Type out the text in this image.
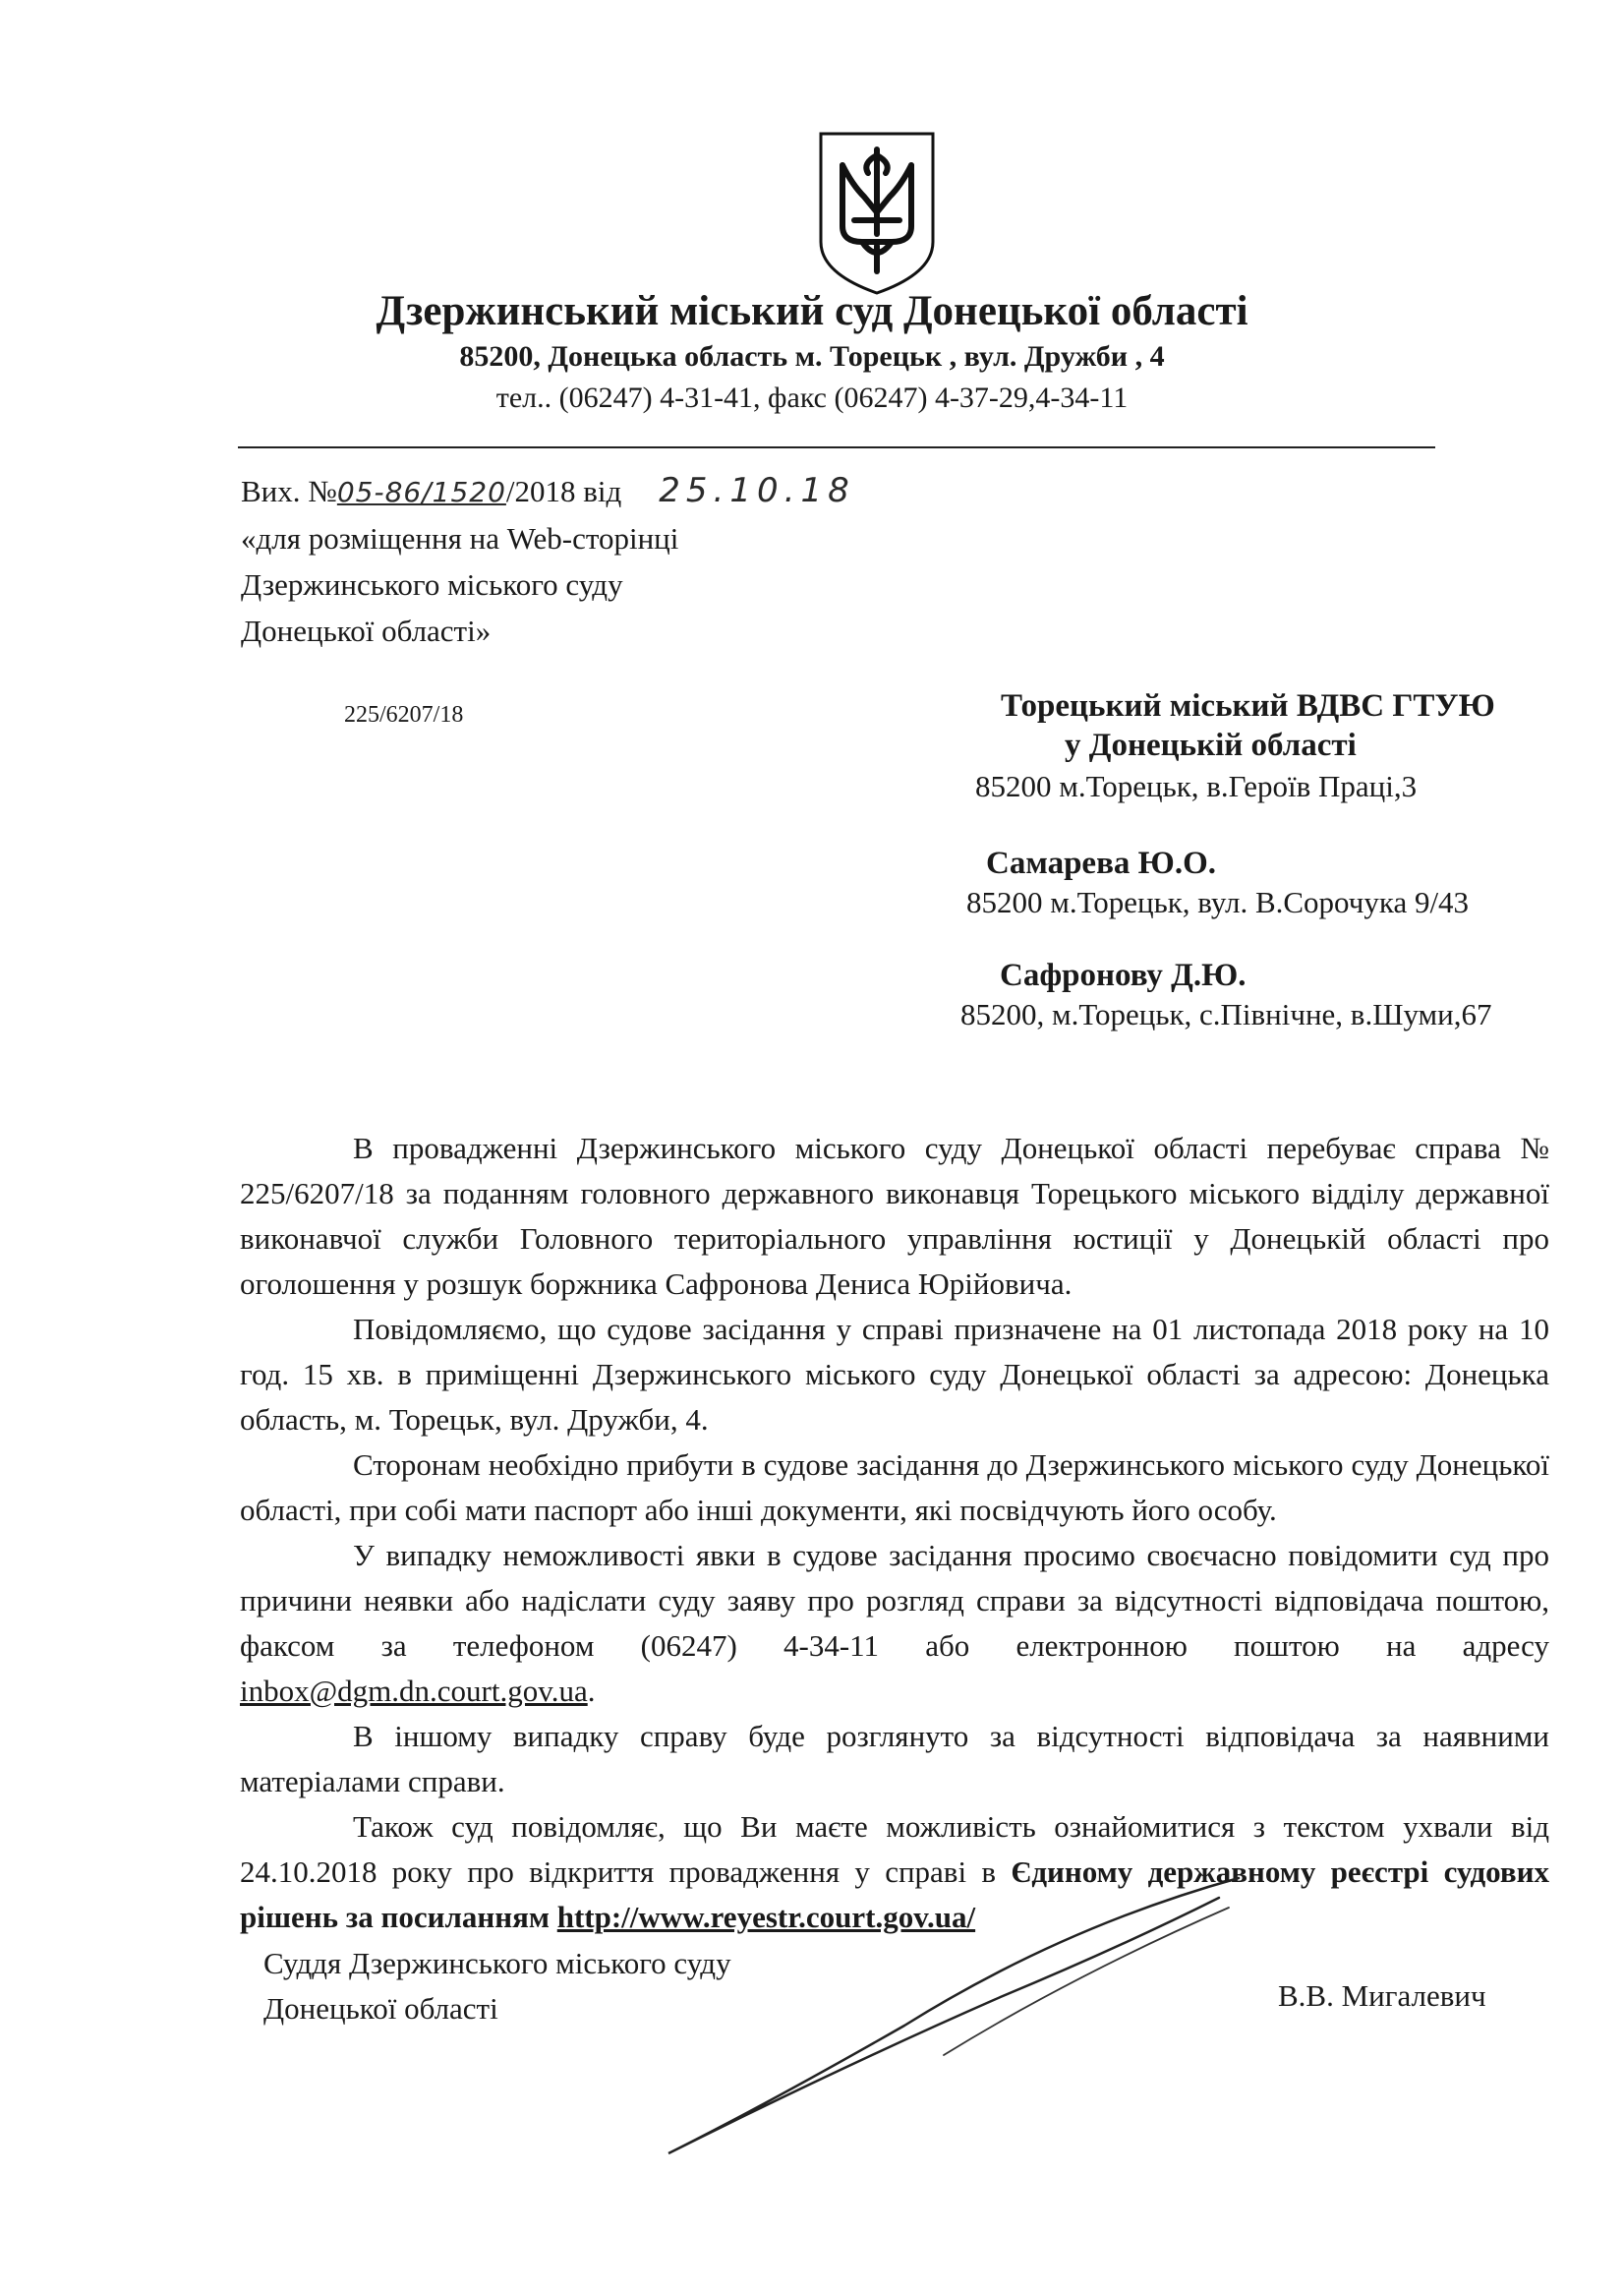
Дзержинський міський суд Донецької області
85200, Донецька область м. Торецьк , вул. Дружби , 4
тел.. (06247) 4-31-41, факс (06247) 4-37-29,4-34-11
Вих. №05-86/1520/2018 від 25.10.18
«для розміщення на Web-сторінці
Дзержинського міського суду
Донецької області»
225/6207/18	Торецький міський ВДВС ГТУЮ
у Донецькій області
85200 м.Торецьк, в.Героїв Праці,3
Самарева Ю.О.
85200 м.Торецьк, вул. В.Сорочука 9/43
Сафронову Д.Ю.
85200, м.Торецьк, с.Північне, в.Шуми,67

В провадженні Дзержинського міського суду Донецької області перебуває справа № 225/6207/18 за поданням головного державного виконавця Торецького міського відділу державної виконавчої служби Головного територіального управління юстиції у Донецькій області про оголошення у розшук боржника Сафронова Дениса Юрійовича.

Повідомляємо, що судове засідання у справі призначене на 01 листопада 2018 року на 10 год. 15 хв. в приміщенні Дзержинського міського суду Донецької області за адресою: Донецька область, м. Торецьк, вул. Дружби, 4.

Сторонам необхідно прибути в судове засідання до Дзержинського міського суду Донецької області, при собі мати паспорт або інші документи, які посвідчують його особу.

У випадку неможливості явки в судове засідання просимо своєчасно повідомити суд про причини неявки або надіслати суду заяву про розгляд справи за відсутності відповідача поштою, факсом за телефоном (06247) 4-34-11 або електронною поштою на адресу inbox@dgm.dn.court.gov.ua.

В іншому випадку справу буде розглянуто за відсутності відповідача за наявними матеріалами справи.

Також суд повідомляє, що Ви маєте можливість ознайомитися з текстом ухвали від 24.10.2018 року про відкриття провадження у справі в Єдиному державному реєстрі судових рішень за посиланням http://www.reyestr.court.gov.ua/

Суддя Дзержинського міського суду
Донецької області	В.В. Мигалевич
